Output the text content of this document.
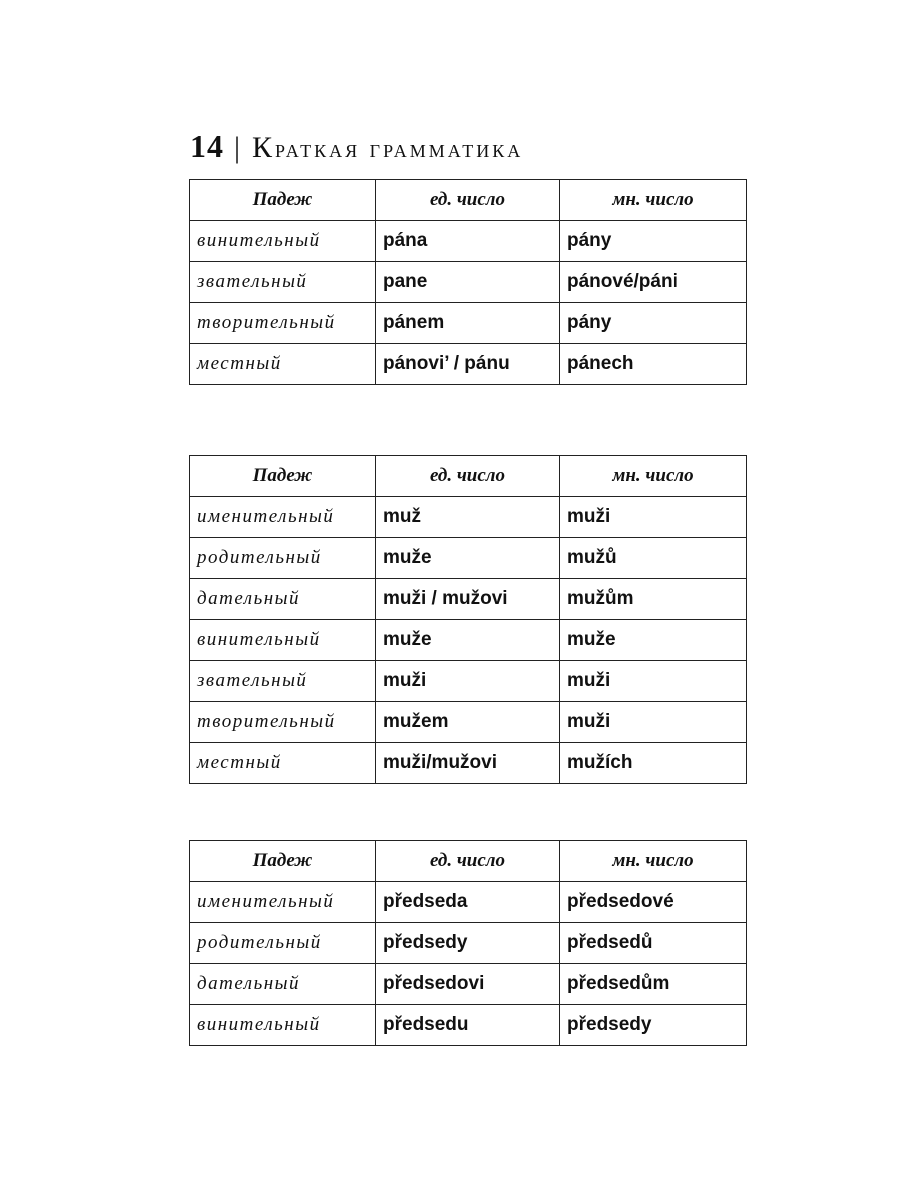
14 | Краткая грамматика
Падеж	ед. число	мн. число
винительный	pána	pány
звательный	pane	pánové/páni
творительный	pánem	pány
местный	pánovi’ / pánu	pánech
Падеж	ед. число	мн. число
именительный	muž	muži
родительный	muže	mužů
дательный	muži / mužovi	mužům
винительный	muže	muže
звательный	muži	muži
творительный	mužem	muži
местный	muži/mužovi	mužích
Падеж	ед. число	мн. число
именительный	předseda	předsedové
родительный	předsedy	předsedů
дательный	předsedovi	předsedům
винительный	předsedu	předsedy
